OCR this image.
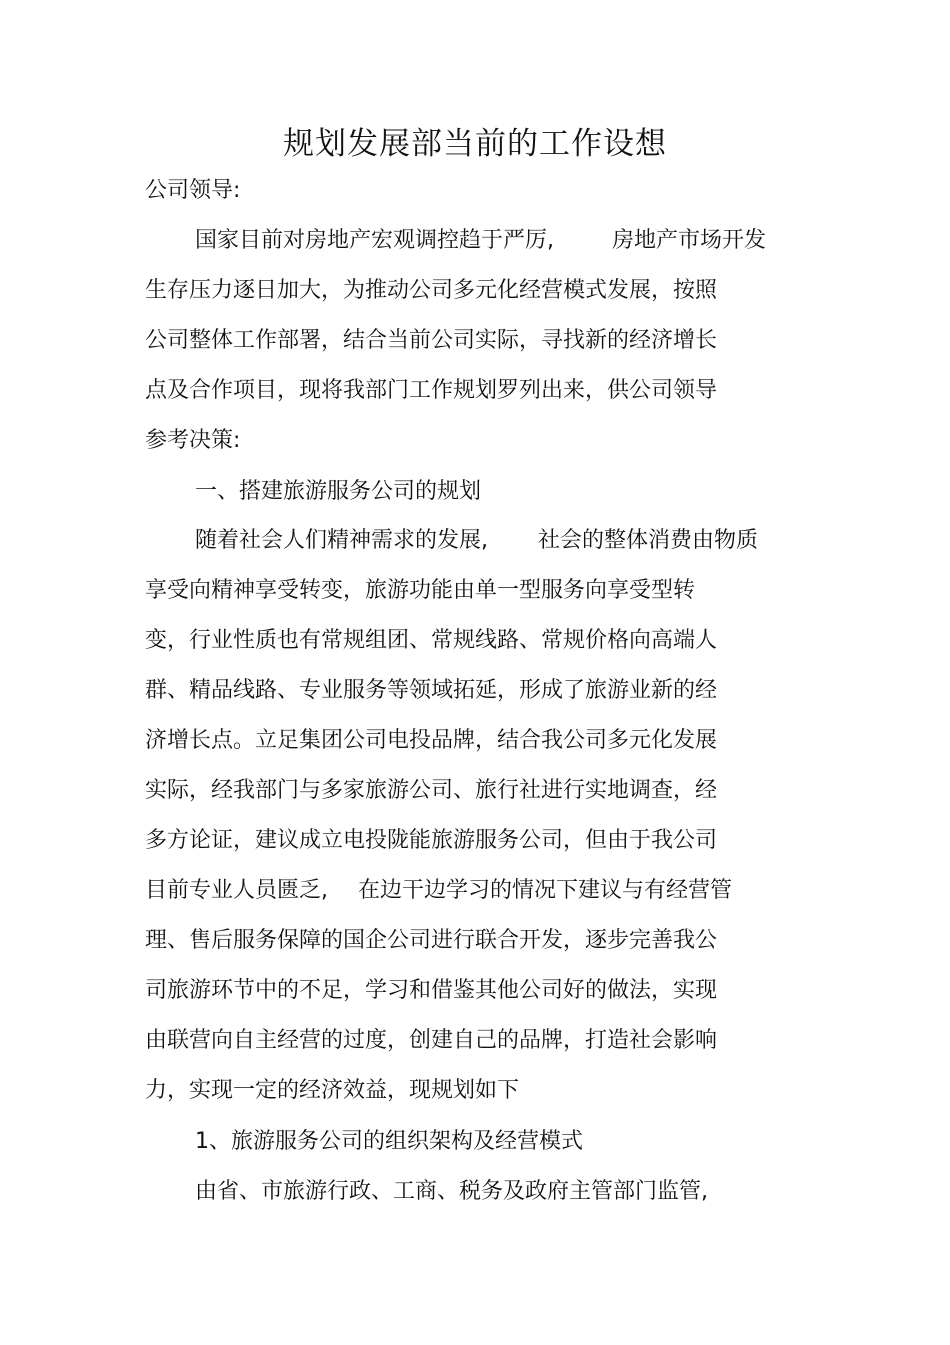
规划发展部当前的工作设想
公司领导:
国家目前对房地产宏观调控趋于严厉,	房地产市场开发
生存压力逐日加大，为推动公司多元化经营模式发展，按照
公司整体工作部署，结合当前公司实际，寻找新的经济增长
点及合作项目，现将我部门工作规划罗列出来，供公司领导
参考决策:
一、搭建旅游服务公司的规划
随着社会人们精神需求的发展, 社会的整体消费由物质
享受向精神享受转变，旅游功能由单一型服务向享受型转
变，行业性质也有常规组团、常规线路、常规价格向高端人
群、精品线路、专业服务等领域拓延，形成了旅游业新的经
济增长点。立足集团公司电投品牌，结合我公司多元化发展
实际，经我部门与多家旅游公司、旅行社进行实地调查，经
多方论证，建议成立电投陇能旅游服务公司，但由于我公司
目前专业人员匮乏, 在边干边学习的情况下建议与有经营管
理、售后服务保障的国企公司进行联合开发，逐步完善我公
司旅游环节中的不足，学习和借鉴其他公司好的做法，实现
由联营向自主经营的过度，创建自己的品牌，打造社会影响
力，实现一定的经济效益，现规划如下
1、旅游服务公司的组织架构及经营模式
由省、市旅游行政、工商、税务及政府主管部门监管,
